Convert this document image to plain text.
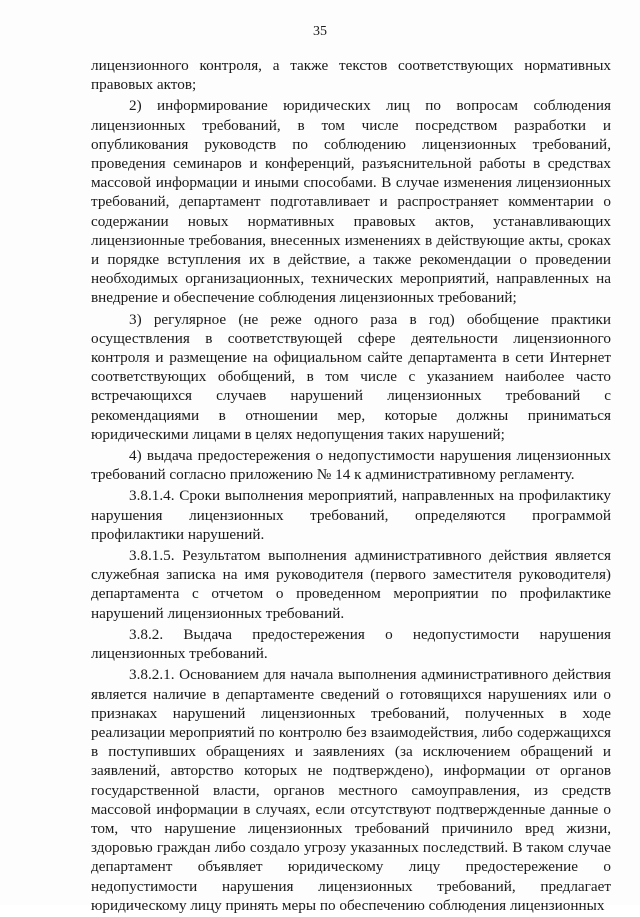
35

лицензионного контроля, а также текстов соответствующих нормативных правовых актов;

2) информирование юридических лиц по вопросам соблюдения лицензионных требований, в том числе посредством разработки и опубликования руководств по соблюдению лицензионных требований, проведения семинаров и конференций, разъяснительной работы в средствах массовой информации и иными способами. В случае изменения лицензионных требований, департамент подготавливает и распространяет комментарии о содержании новых нормативных правовых актов, устанавливающих лицензионные требования, внесенных изменениях в действующие акты, сроках и порядке вступления их в действие, а также рекомендации о проведении необходимых организационных, технических мероприятий, направленных на внедрение и обеспечение соблюдения лицензионных требований;

3) регулярное (не реже одного раза в год) обобщение практики осуществления в соответствующей сфере деятельности лицензионного контроля и размещение на официальном сайте департамента в сети Интернет соответствующих обобщений, в том числе с указанием наиболее часто встречающихся случаев нарушений лицензионных требований с рекомендациями в отношении мер, которые должны приниматься юридическими лицами в целях недопущения таких нарушений;

4) выдача предостережения о недопустимости нарушения лицензионных требований согласно приложению № 14 к административному регламенту.

3.8.1.4. Сроки выполнения мероприятий, направленных на профилактику нарушения лицензионных требований, определяются программой профилактики нарушений.

3.8.1.5. Результатом выполнения административного действия является служебная записка на имя руководителя (первого заместителя руководителя) департамента с отчетом о проведенном мероприятии по профилактике нарушений лицензионных требований.

3.8.2. Выдача предостережения о недопустимости нарушения лицензионных требований.

3.8.2.1. Основанием для начала выполнения административного действия является наличие в департаменте сведений о готовящихся нарушениях или о признаках нарушений лицензионных требований, полученных в ходе реализации мероприятий по контролю без взаимодействия, либо содержащихся в поступивших обращениях и заявлениях (за исключением обращений и заявлений, авторство которых не подтверждено), информации от органов государственной власти, органов местного самоуправления, из средств массовой информации в случаях, если отсутствуют подтвержденные данные о том, что нарушение лицензионных требований причинило вред жизни, здоровью граждан либо создало угрозу указанных последствий. В таком случае департамент объявляет юридическому лицу предостережение о недопустимости нарушения лицензионных требований, предлагает юридическому лицу принять меры по обеспечению соблюдения лицензионных
